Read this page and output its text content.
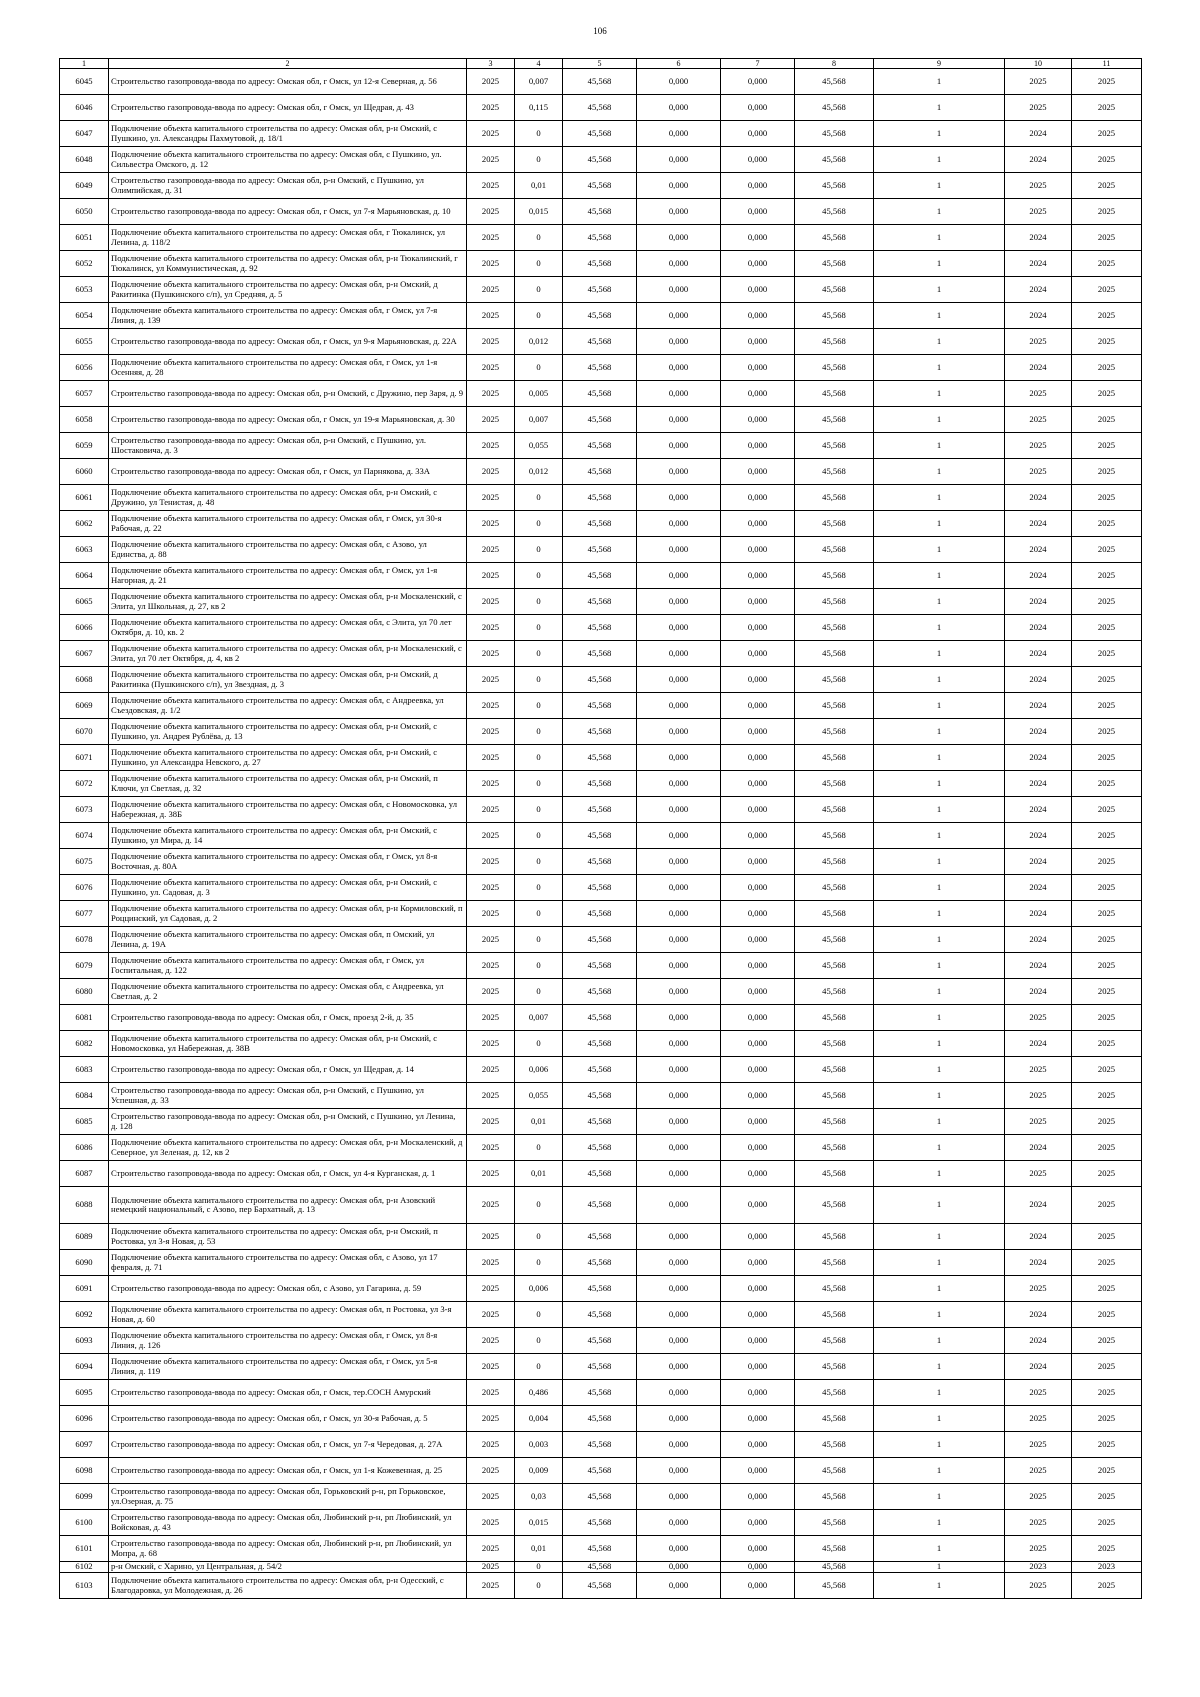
106
1	2	3	4	5	6	7	8	9	10	11
6045	Строительство газопровода-ввода по адресу: Омская обл, г Омск, ул 12-я Северная, д. 56	2025	0,007	45,568	0,000	0,000	45,568	1	2025	2025
6046	Строительство газопровода-ввода по адресу: Омская обл, г Омск, ул Щедрая, д. 43	2025	0,115	45,568	0,000	0,000	45,568	1	2025	2025
6047	Подключение объекта капитального строительства по адресу: Омская обл, р-н Омский, с Пушкино, ул. Александры Пахмутовой, д. 18/1	2025	0	45,568	0,000	0,000	45,568	1	2024	2025
6048	Подключение объекта капитального строительства по адресу: Омская обл, с Пушкино, ул. Сильвестра Омского, д. 12	2025	0	45,568	0,000	0,000	45,568	1	2024	2025
6049	Строительство газопровода-ввода по адресу: Омская обл, р-н Омский, с Пушкино, ул Олимпийская, д. 31	2025	0,01	45,568	0,000	0,000	45,568	1	2025	2025
6050	Строительство газопровода-ввода по адресу: Омская обл, г Омск, ул 7-я Марьяновская, д. 10	2025	0,015	45,568	0,000	0,000	45,568	1	2025	2025
6051	Подключение объекта капитального строительства по адресу: Омская обл, г Тюкалинск, ул Ленина, д. 118/2	2025	0	45,568	0,000	0,000	45,568	1	2024	2025
6052	Подключение объекта капитального строительства по адресу: Омская обл, р-н Тюкалинский, г Тюкалинск, ул Коммунистическая, д. 92	2025	0	45,568	0,000	0,000	45,568	1	2024	2025
6053	Подключение объекта капитального строительства по адресу: Омская обл, р-н Омский, д Ракитинка (Пушкинского с/п), ул Средняя, д. 5	2025	0	45,568	0,000	0,000	45,568	1	2024	2025
6054	Подключение объекта капитального строительства по адресу: Омская обл, г Омск, ул 7-я Линия, д. 139	2025	0	45,568	0,000	0,000	45,568	1	2024	2025
6055	Строительство газопровода-ввода по адресу: Омская обл, г Омск, ул 9-я Марьяновская, д. 22А	2025	0,012	45,568	0,000	0,000	45,568	1	2025	2025
6056	Подключение объекта капитального строительства по адресу: Омская обл, г Омск, ул 1-я Осенняя, д. 28	2025	0	45,568	0,000	0,000	45,568	1	2024	2025
6057	Строительство газопровода-ввода по адресу: Омская обл, р-н Омский, с Дружино, пер Заря, д. 9	2025	0,005	45,568	0,000	0,000	45,568	1	2025	2025
6058	Строительство газопровода-ввода по адресу: Омская обл, г Омск, ул 19-я Марьяновская, д. 30	2025	0,007	45,568	0,000	0,000	45,568	1	2025	2025
6059	Строительство газопровода-ввода по адресу: Омская обл, р-н Омский, с Пушкино, ул. Шостаковича, д. 3	2025	0,055	45,568	0,000	0,000	45,568	1	2025	2025
6060	Строительство газопровода-ввода по адресу: Омская обл, г Омск, ул Парнякова, д. 33А	2025	0,012	45,568	0,000	0,000	45,568	1	2025	2025
6061	Подключение объекта капитального строительства по адресу: Омская обл, р-н Омский, с Дружино, ул Тенистая, д. 48	2025	0	45,568	0,000	0,000	45,568	1	2024	2025
6062	Подключение объекта капитального строительства по адресу: Омская обл, г Омск, ул 30-я Рабочая, д. 22	2025	0	45,568	0,000	0,000	45,568	1	2024	2025
6063	Подключение объекта капитального строительства по адресу: Омская обл, с Азово, ул Единства, д. 88	2025	0	45,568	0,000	0,000	45,568	1	2024	2025
6064	Подключение объекта капитального строительства по адресу: Омская обл, г Омск, ул 1-я Нагорная, д. 21	2025	0	45,568	0,000	0,000	45,568	1	2024	2025
6065	Подключение объекта капитального строительства по адресу: Омская обл, р-н Москаленский, с Элита, ул Школьная, д. 27, кв 2	2025	0	45,568	0,000	0,000	45,568	1	2024	2025
6066	Подключение объекта капитального строительства по адресу: Омская обл, с Элита, ул 70 лет Октября, д. 10, кв. 2	2025	0	45,568	0,000	0,000	45,568	1	2024	2025
6067	Подключение объекта капитального строительства по адресу: Омская обл, р-н Москаленский, с Элита, ул 70 лет Октября, д. 4, кв 2	2025	0	45,568	0,000	0,000	45,568	1	2024	2025
6068	Подключение объекта капитального строительства по адресу: Омская обл, р-н Омский, д Ракитинка (Пушкинского с/п), ул Звездная, д. 3	2025	0	45,568	0,000	0,000	45,568	1	2024	2025
6069	Подключение объекта капитального строительства по адресу: Омская обл, с Андреевка, ул Съездовская, д. 1/2	2025	0	45,568	0,000	0,000	45,568	1	2024	2025
6070	Подключение объекта капитального строительства по адресу: Омская обл, р-н Омский, с Пушкино, ул. Андрея Рублёва, д. 13	2025	0	45,568	0,000	0,000	45,568	1	2024	2025
6071	Подключение объекта капитального строительства по адресу: Омская обл, р-н Омский, с Пушкино, ул Александра Невского, д. 27	2025	0	45,568	0,000	0,000	45,568	1	2024	2025
6072	Подключение объекта капитального строительства по адресу: Омская обл, р-н Омский, п Ключи, ул Светлая, д. 32	2025	0	45,568	0,000	0,000	45,568	1	2024	2025
6073	Подключение объекта капитального строительства по адресу: Омская обл, с Новомосковка, ул Набережная, д. 38Б	2025	0	45,568	0,000	0,000	45,568	1	2024	2025
6074	Подключение объекта капитального строительства по адресу: Омская обл, р-н Омский, с Пушкино, ул Мира, д. 14	2025	0	45,568	0,000	0,000	45,568	1	2024	2025
6075	Подключение объекта капитального строительства по адресу: Омская обл, г Омск, ул 8-я Восточная, д. 80А	2025	0	45,568	0,000	0,000	45,568	1	2024	2025
6076	Подключение объекта капитального строительства по адресу: Омская обл, р-н Омский, с Пушкино, ул. Садовая, д. 3	2025	0	45,568	0,000	0,000	45,568	1	2024	2025
6077	Подключение объекта капитального строительства по адресу: Омская обл, р-н Кормиловский, п Роццинский, ул Садовая, д. 2	2025	0	45,568	0,000	0,000	45,568	1	2024	2025
6078	Подключение объекта капитального строительства по адресу: Омская обл, п Омский, ул Ленина, д. 19А	2025	0	45,568	0,000	0,000	45,568	1	2024	2025
6079	Подключение объекта капитального строительства по адресу: Омская обл, г Омск, ул Госпитальная, д. 122	2025	0	45,568	0,000	0,000	45,568	1	2024	2025
6080	Подключение объекта капитального строительства по адресу: Омская обл, с Андреевка, ул Светлая, д. 2	2025	0	45,568	0,000	0,000	45,568	1	2024	2025
6081	Строительство газопровода-ввода по адресу: Омская обл, г Омск, проезд 2-й, д. 35	2025	0,007	45,568	0,000	0,000	45,568	1	2025	2025
6082	Подключение объекта капитального строительства по адресу: Омская обл, р-н Омский, с Новомосковка, ул Набережная, д. 38В	2025	0	45,568	0,000	0,000	45,568	1	2024	2025
6083	Строительство газопровода-ввода по адресу: Омская обл, г Омск, ул Щедрая, д. 14	2025	0,006	45,568	0,000	0,000	45,568	1	2025	2025
6084	Строительство газопровода-ввода по адресу: Омская обл, р-н Омский, с Пушкино, ул Успешная, д. 33	2025	0,055	45,568	0,000	0,000	45,568	1	2025	2025
6085	Строительство газопровода-ввода по адресу: Омская обл, р-н Омский, с Пушкино, ул Ленина, д. 128	2025	0,01	45,568	0,000	0,000	45,568	1	2025	2025
6086	Подключение объекта капитального строительства по адресу: Омская обл, р-н Москаленский, д Северное, ул Зеленая, д. 12, кв 2	2025	0	45,568	0,000	0,000	45,568	1	2024	2025
6087	Строительство газопровода-ввода по адресу: Омская обл, г Омск, ул 4-я Курганская, д. 1	2025	0,01	45,568	0,000	0,000	45,568	1	2025	2025
6088	Подключение объекта капитального строительства по адресу: Омская обл, р-н Азовский немецкий национальный, с Азово, пер Бархатный, д. 13	2025	0	45,568	0,000	0,000	45,568	1	2024	2025
6089	Подключение объекта капитального строительства по адресу: Омская обл, р-н Омский, п Ростовка, ул 3-я Новая, д. 53	2025	0	45,568	0,000	0,000	45,568	1	2024	2025
6090	Подключение объекта капитального строительства по адресу: Омская обл, с Азово, ул 17 февраля, д. 71	2025	0	45,568	0,000	0,000	45,568	1	2024	2025
6091	Строительство газопровода-ввода по адресу: Омская обл, с Азово, ул Гагарина, д. 59	2025	0,006	45,568	0,000	0,000	45,568	1	2025	2025
6092	Подключение объекта капитального строительства по адресу: Омская обл, п Ростовка, ул 3-я Новая, д. 60	2025	0	45,568	0,000	0,000	45,568	1	2024	2025
6093	Подключение объекта капитального строительства по адресу: Омская обл, г Омск, ул 8-я Линия, д. 126	2025	0	45,568	0,000	0,000	45,568	1	2024	2025
6094	Подключение объекта капитального строительства по адресу: Омская обл, г Омск, ул 5-я Линия, д. 119	2025	0	45,568	0,000	0,000	45,568	1	2024	2025
6095	Строительство газопровода-ввода по адресу: Омская обл, г Омск, тер.СОСН Амурский	2025	0,486	45,568	0,000	0,000	45,568	1	2025	2025
6096	Строительство газопровода-ввода по адресу: Омская обл, г Омск, ул 30-я Рабочая, д. 5	2025	0,004	45,568	0,000	0,000	45,568	1	2025	2025
6097	Строительство газопровода-ввода по адресу: Омская обл, г Омск, ул 7-я Чередовая, д. 27А	2025	0,003	45,568	0,000	0,000	45,568	1	2025	2025
6098	Строительство газопровода-ввода по адресу: Омская обл, г Омск, ул 1-я Кожевенная, д. 25	2025	0,009	45,568	0,000	0,000	45,568	1	2025	2025
6099	Строительство газопровода-ввода по адресу: Омская обл, Горьковский р-н, рп Горьковское, ул.Озерная, д. 75	2025	0,03	45,568	0,000	0,000	45,568	1	2025	2025
6100	Строительство газопровода-ввода по адресу: Омская обл, Любинский р-н, рп Любинский, ул Войсковая, д. 43	2025	0,015	45,568	0,000	0,000	45,568	1	2025	2025
6101	Строительство газопровода-ввода по адресу: Омская обл, Любинский р-н, рп Любинский, ул Мопра, д. 68	2025	0,01	45,568	0,000	0,000	45,568	1	2025	2025
6102	р-н Омский, с Харино, ул Центральная, д. 54/2	2025	0	45,568	0,000	0,000	45,568	1	2023	2023
6103	Подключение объекта капитального строительства по адресу: Омская обл, р-н Одесский, с Благодаровка, ул Молодежная, д. 26	2025	0	45,568	0,000	0,000	45,568	1	2025	2025
